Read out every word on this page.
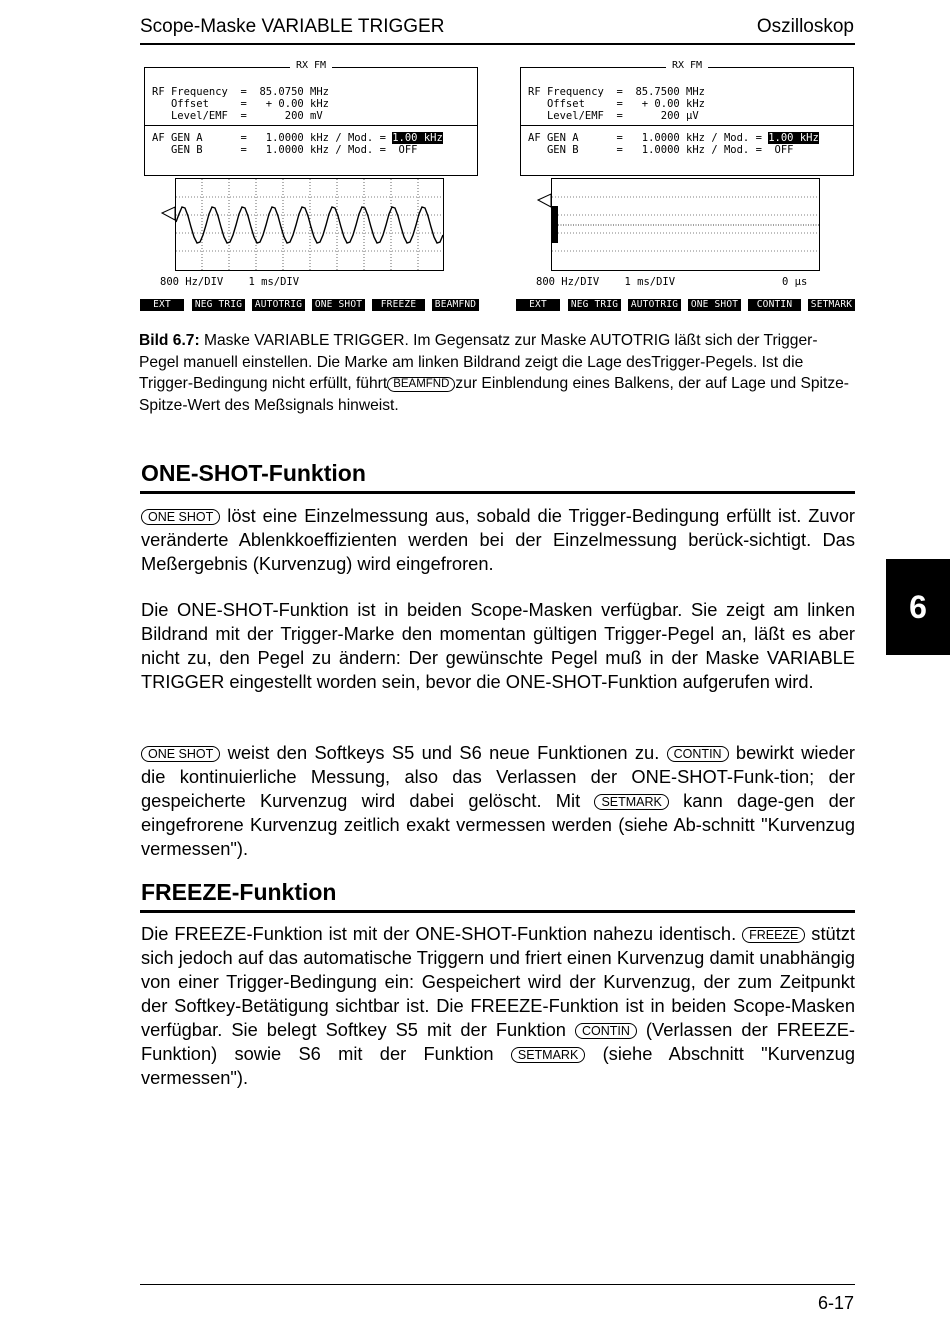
Scope-Maske VARIABLE TRIGGER	Oszilloskop
RX FM
RF Frequency  =  85.0750 MHz
Offset     =   + 0.00 kHz
Level/EMF  =      200 mV
AF GEN A      =   1.0000 kHz / Mod. = 1.00 kHz
GEN B      =   1.0000 kHz / Mod. =  OFF
800 Hz/DIV    1 ms/DIV
EXT	NEG TRIG AUTOTRIG ONE SHOT	FREEZE	BEAMFND
RX FM
RF Frequency  =  85.7500 MHz
Offset     =   + 0.00 kHz
Level/EMF  =      200 µV
AF GEN A      =   1.0000 kHz / Mod. = 1.00 kHz
GEN B      =   1.0000 kHz / Mod. =  OFF
800 Hz/DIV    1 ms/DIV	0 µs
EXT	NEG TRIG AUTOTRIG ONE SHOT	CONTIN	SETMARK
Bild 6.7: Maske VARIABLE TRIGGER. Im Gegensatz zur Maske AUTOTRIG läßt sich der Trigger-Pegel manuell einstellen. Die Marke am linken Bildrand zeigt die Lage desTrigger-Pegels. Ist die Trigger-Bedingung nicht erfüllt, führt BEAMFND zur Einblendung eines Balkens, der auf Lage und Spitze-Spitze-Wert des Meßsignals hinweist.
ONE-SHOT-Funktion
ONE SHOT löst eine Einzelmessung aus, sobald die Trigger-Bedingung erfüllt ist. Zuvor veränderte Ablenkkoeffizienten werden bei der Einzelmessung berück-sichtigt. Das Meßergebnis (Kurvenzug) wird eingefroren.
Die ONE-SHOT-Funktion ist in beiden Scope-Masken verfügbar. Sie zeigt am linken Bildrand mit der Trigger-Marke den momentan gültigen Trigger-Pegel an, läßt es aber nicht zu, den Pegel zu ändern: Der gewünschte Pegel muß in der Maske VARIABLE TRIGGER eingestellt worden sein, bevor die ONE-SHOT-Funktion aufgerufen wird.
ONE SHOT weist den Softkeys S5 und S6 neue Funktionen zu. CONTIN bewirkt wieder die kontinuierliche Messung, also das Verlassen der ONE-SHOT-Funk-tion; der gespeicherte Kurvenzug wird dabei gelöscht. Mit SETMARK kann dage-gen der eingefrorene Kurvenzug zeitlich exakt vermessen werden (siehe Ab-schnitt "Kurvenzug vermessen").
FREEZE-Funktion
Die FREEZE-Funktion ist mit der ONE-SHOT-Funktion nahezu identisch. FREEZE stützt sich jedoch auf das automatische Triggern und friert einen Kurvenzug damit unabhängig von einer Trigger-Bedingung ein: Gespeichert wird der Kurvenzug, der zum Zeitpunkt der Softkey-Betätigung sichtbar ist. Die FREEZE-Funktion ist in beiden Scope-Masken verfügbar. Sie belegt Softkey S5 mit der Funktion CONTIN (Verlassen der FREEZE-Funktion) sowie S6 mit der Funktion SETMARK (siehe Abschnitt "Kurvenzug vermessen").
6
6-17
